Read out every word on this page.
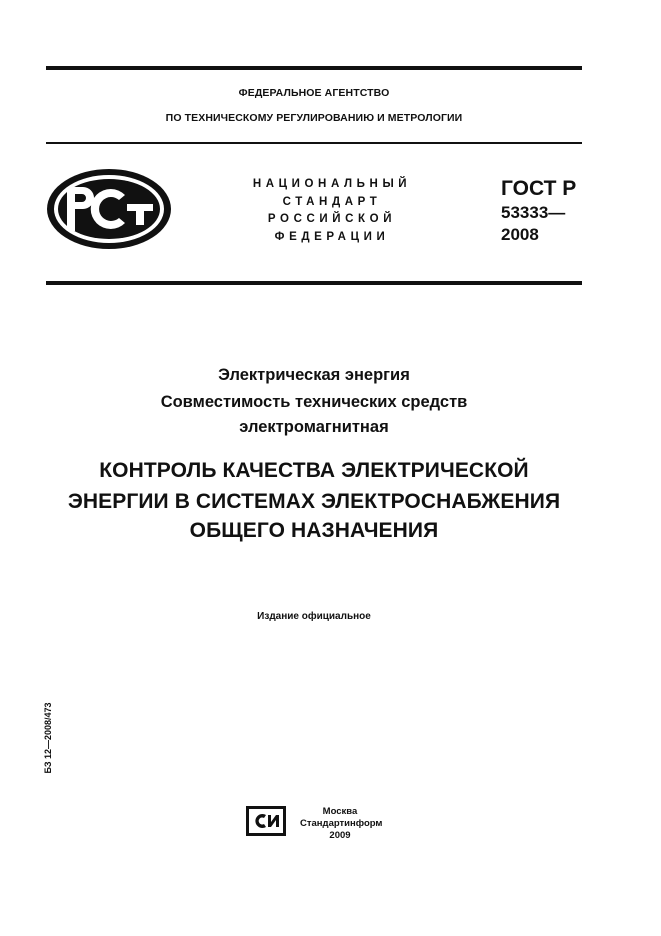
ФЕДЕРАЛЬНОЕ АГЕНТСТВО
ПО ТЕХНИЧЕСКОМУ РЕГУЛИРОВАНИЮ И МЕТРОЛОГИИ
НАЦИОНАЛЬНЫЙ
СТАНДАРТ
РОССИЙСКОЙ
ФЕДЕРАЦИИ
ГОСТ Р
53333—
2008
Электрическая энергия
Совместимость технических средств
электромагнитная
КОНТРОЛЬ КАЧЕСТВА ЭЛЕКТРИЧЕСКОЙ
ЭНЕРГИИ В СИСТЕМАХ ЭЛЕКТРОСНАБЖЕНИЯ
ОБЩЕГО НАЗНАЧЕНИЯ
Издание официальное
БЗ 12—2008/473
Москва
Стандартинформ
2009
